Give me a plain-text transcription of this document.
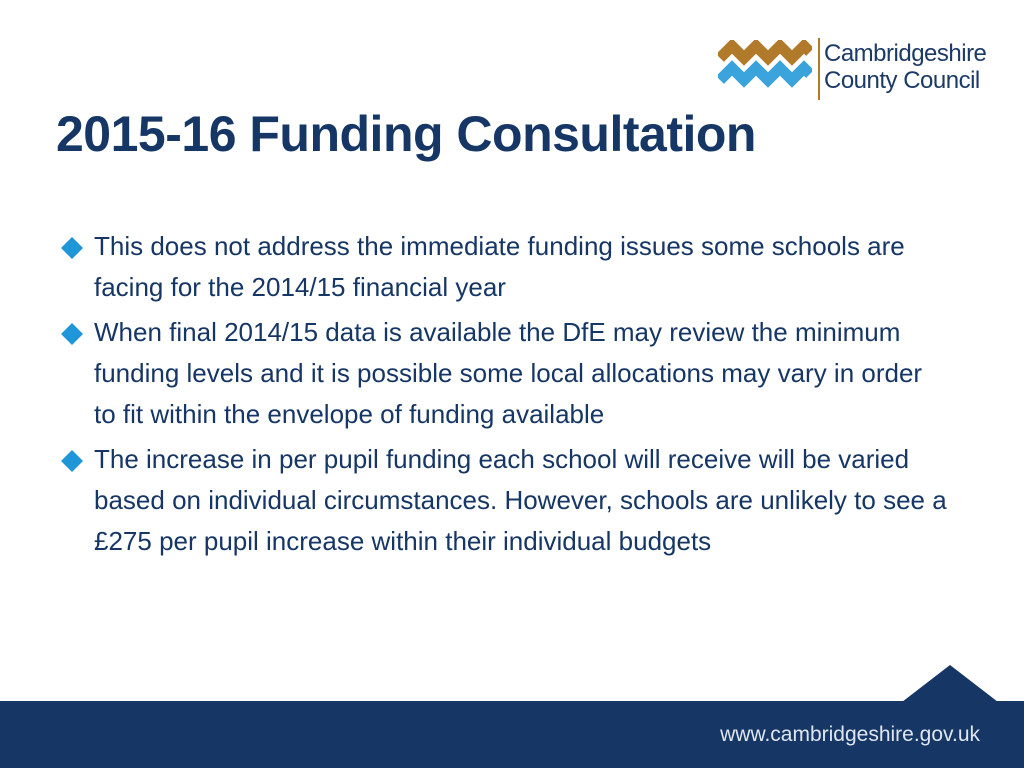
Cambridgeshire
County Council
2015-16 Funding Consultation
This does not address the immediate funding issues some schools are facing for the 2014/15 financial year
When final 2014/15 data is available the DfE may review the minimum funding levels and it is possible some local allocations may vary in order to fit within the envelope of funding available
The increase in per pupil funding each school will receive will be varied based on individual circumstances. However, schools are unlikely to see a £275 per pupil increase within their individual budgets
www.cambridgeshire.gov.uk
